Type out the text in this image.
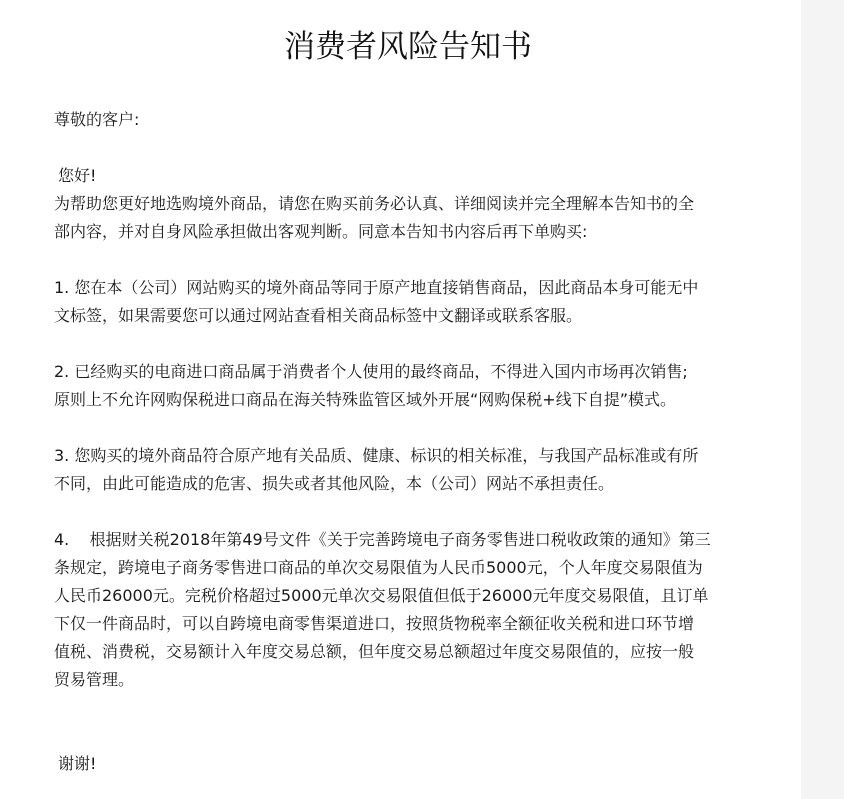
消费者风险告知书
尊敬的客户:
您好!
为帮助您更好地选购境外商品，请您在购买前务必认真、详细阅读并完全理解本告知书的全
部内容，并对自身风险承担做出客观判断。同意本告知书内容后再下单购买:
1. 您在本（公司）网站购买的境外商品等同于原产地直接销售商品，因此商品本身可能无中
文标签，如果需要您可以通过网站查看相关商品标签中文翻译或联系客服。
2. 已经购买的电商进口商品属于消费者个人使用的最终商品，不得进入国内市场再次销售;
原则上不允许网购保税进口商品在海关特殊监管区域外开展“网购保税+线下自提”模式。
3. 您购买的境外商品符合原产地有关品质、健康、标识的相关标准，与我国产品标准或有所
不同，由此可能造成的危害、损失或者其他风险，本（公司）网站不承担责任。
4.    根据财关税2018年第49号文件《关于完善跨境电子商务零售进口税收政策的通知》第三
条规定，跨境电子商务零售进口商品的单次交易限值为人民币5000元，个人年度交易限值为
人民币26000元。完税价格超过5000元单次交易限值但低于26000元年度交易限值，且订单
下仅一件商品时，可以自跨境电商零售渠道进口，按照货物税率全额征收关税和进口环节增
值税、消费税，交易额计入年度交易总额，但年度交易总额超过年度交易限值的，应按一般
贸易管理。
谢谢!
